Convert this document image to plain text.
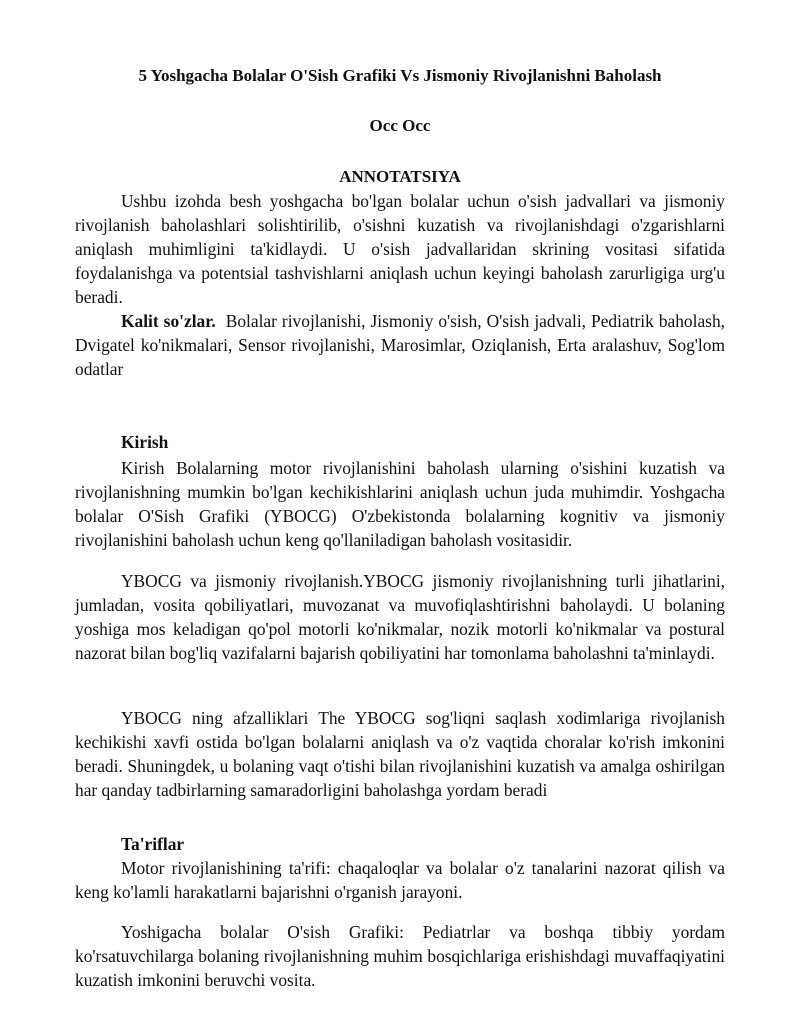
5 Yoshgacha Bolalar O'Sish Grafiki Vs Jismoniy Rivojlanishni Baholash
Occ Occ
ANNOTATSIYA

Ushbu izohda besh yoshgacha bo'lgan bolalar uchun o'sish jadvallari va jismoniy rivojlanish baholashlari solishtirilib, o'sishni kuzatish va rivojlanishdagi o'zgarishlarni aniqlash muhimligini ta'kidlaydi. U o'sish jadvallaridan skrining vositasi sifatida foydalanishga va potentsial tashvishlarni aniqlash uchun keyingi baholash zarurligiga urg'u beradi.

Kalit so'zlar. Bolalar rivojlanishi, Jismoniy o'sish, O'sish jadvali, Pediatrik baholash, Dvigatel ko'nikmalari, Sensor rivojlanishi, Marosimlar, Oziqlanish, Erta aralashuv, Sog'lom odatlar

Kirish

Kirish Bolalarning motor rivojlanishini baholash ularning o'sishini kuzatish va rivojlanishning mumkin bo'lgan kechikishlarini aniqlash uchun juda muhimdir. Yoshgacha bolalar O'Sish Grafiki (YBOCG) O'zbekistonda bolalarning kognitiv va jismoniy rivojlanishini baholash uchun keng qo'llaniladigan baholash vositasidir.

YBOCG va jismoniy rivojlanish.YBOCG jismoniy rivojlanishning turli jihatlarini, jumladan, vosita qobiliyatlari, muvozanat va muvofiqlashtirishni baholaydi. U bolaning yoshiga mos keladigan qo'pol motorli ko'nikmalar, nozik motorli ko'nikmalar va postural nazorat bilan bog'liq vazifalarni bajarish qobiliyatini har tomonlama baholashni ta'minlaydi.

YBOCG ning afzalliklari The YBOCG sog'liqni saqlash xodimlariga rivojlanish kechikishi xavfi ostida bo'lgan bolalarni aniqlash va o'z vaqtida choralar ko'rish imkonini beradi. Shuningdek, u bolaning vaqt o'tishi bilan rivojlanishini kuzatish va amalga oshirilgan har qanday tadbirlarning samaradorligini baholashga yordam beradi

Ta'riflar

Motor rivojlanishining ta'rifi: chaqaloqlar va bolalar o'z tanalarini nazorat qilish va keng ko'lamli harakatlarni bajarishni o'rganish jarayoni.

Yoshigacha bolalar O'sish Grafiki: Pediatrlar va boshqa tibbiy yordam ko'rsatuvchilarga bolaning rivojlanishning muhim bosqichlariga erishishdagi muvaffaqiyatini kuzatish imkonini beruvchi vosita.
